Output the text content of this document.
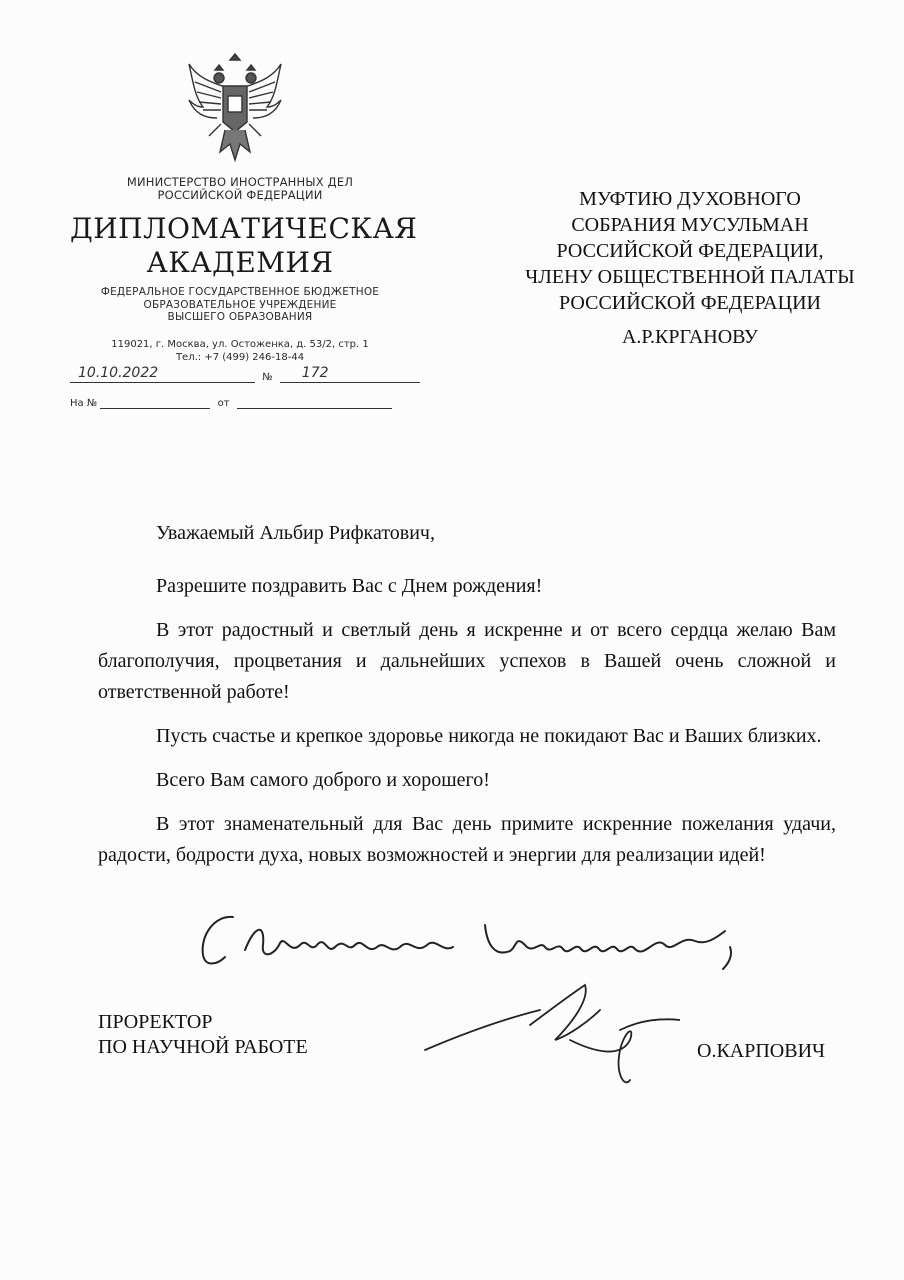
МИНИСТЕРСТВО ИНОСТРАННЫХ ДЕЛ
РОССИЙСКОЙ ФЕДЕРАЦИИ
ДИПЛОМАТИЧЕСКАЯ
АКАДЕМИЯ
ФЕДЕРАЛЬНОЕ ГОСУДАРСТВЕННОЕ БЮДЖЕТНОЕ
ОБРАЗОВАТЕЛЬНОЕ УЧРЕЖДЕНИЕ
ВЫСШЕГО ОБРАЗОВАНИЯ
119021, г. Москва, ул. Остоженка, д. 53/2, стр. 1
Тел.: +7 (499) 246-18-44
10.10.2022	№ 172
На №	от
МУФТИЮ ДУХОВНОГО
СОБРАНИЯ МУСУЛЬМАН
РОССИЙСКОЙ ФЕДЕРАЦИИ,
ЧЛЕНУ ОБЩЕСТВЕННОЙ ПАЛАТЫ
РОССИЙСКОЙ ФЕДЕРАЦИИ
А.Р.КРГАНОВУ

Уважаемый Альбир Рифкатович,

Разрешите поздравить Вас с Днем рождения!

В этот радостный и светлый день я искренне и от всего сердца желаю Вам благополучия, процветания и дальнейших успехов в Вашей очень сложной и ответственной работе!

Пусть счастье и крепкое здоровье никогда не покидают Вас и Ваших близких.

Всего Вам самого доброго и хорошего!

В этот знаменательный для Вас день примите искренние пожелания удачи, радости, бодрости духа, новых возможностей и энергии для реализации идей!

ПРОРЕКТОР
ПО НАУЧНОЙ РАБОТЕ	О.КАРПОВИЧ
